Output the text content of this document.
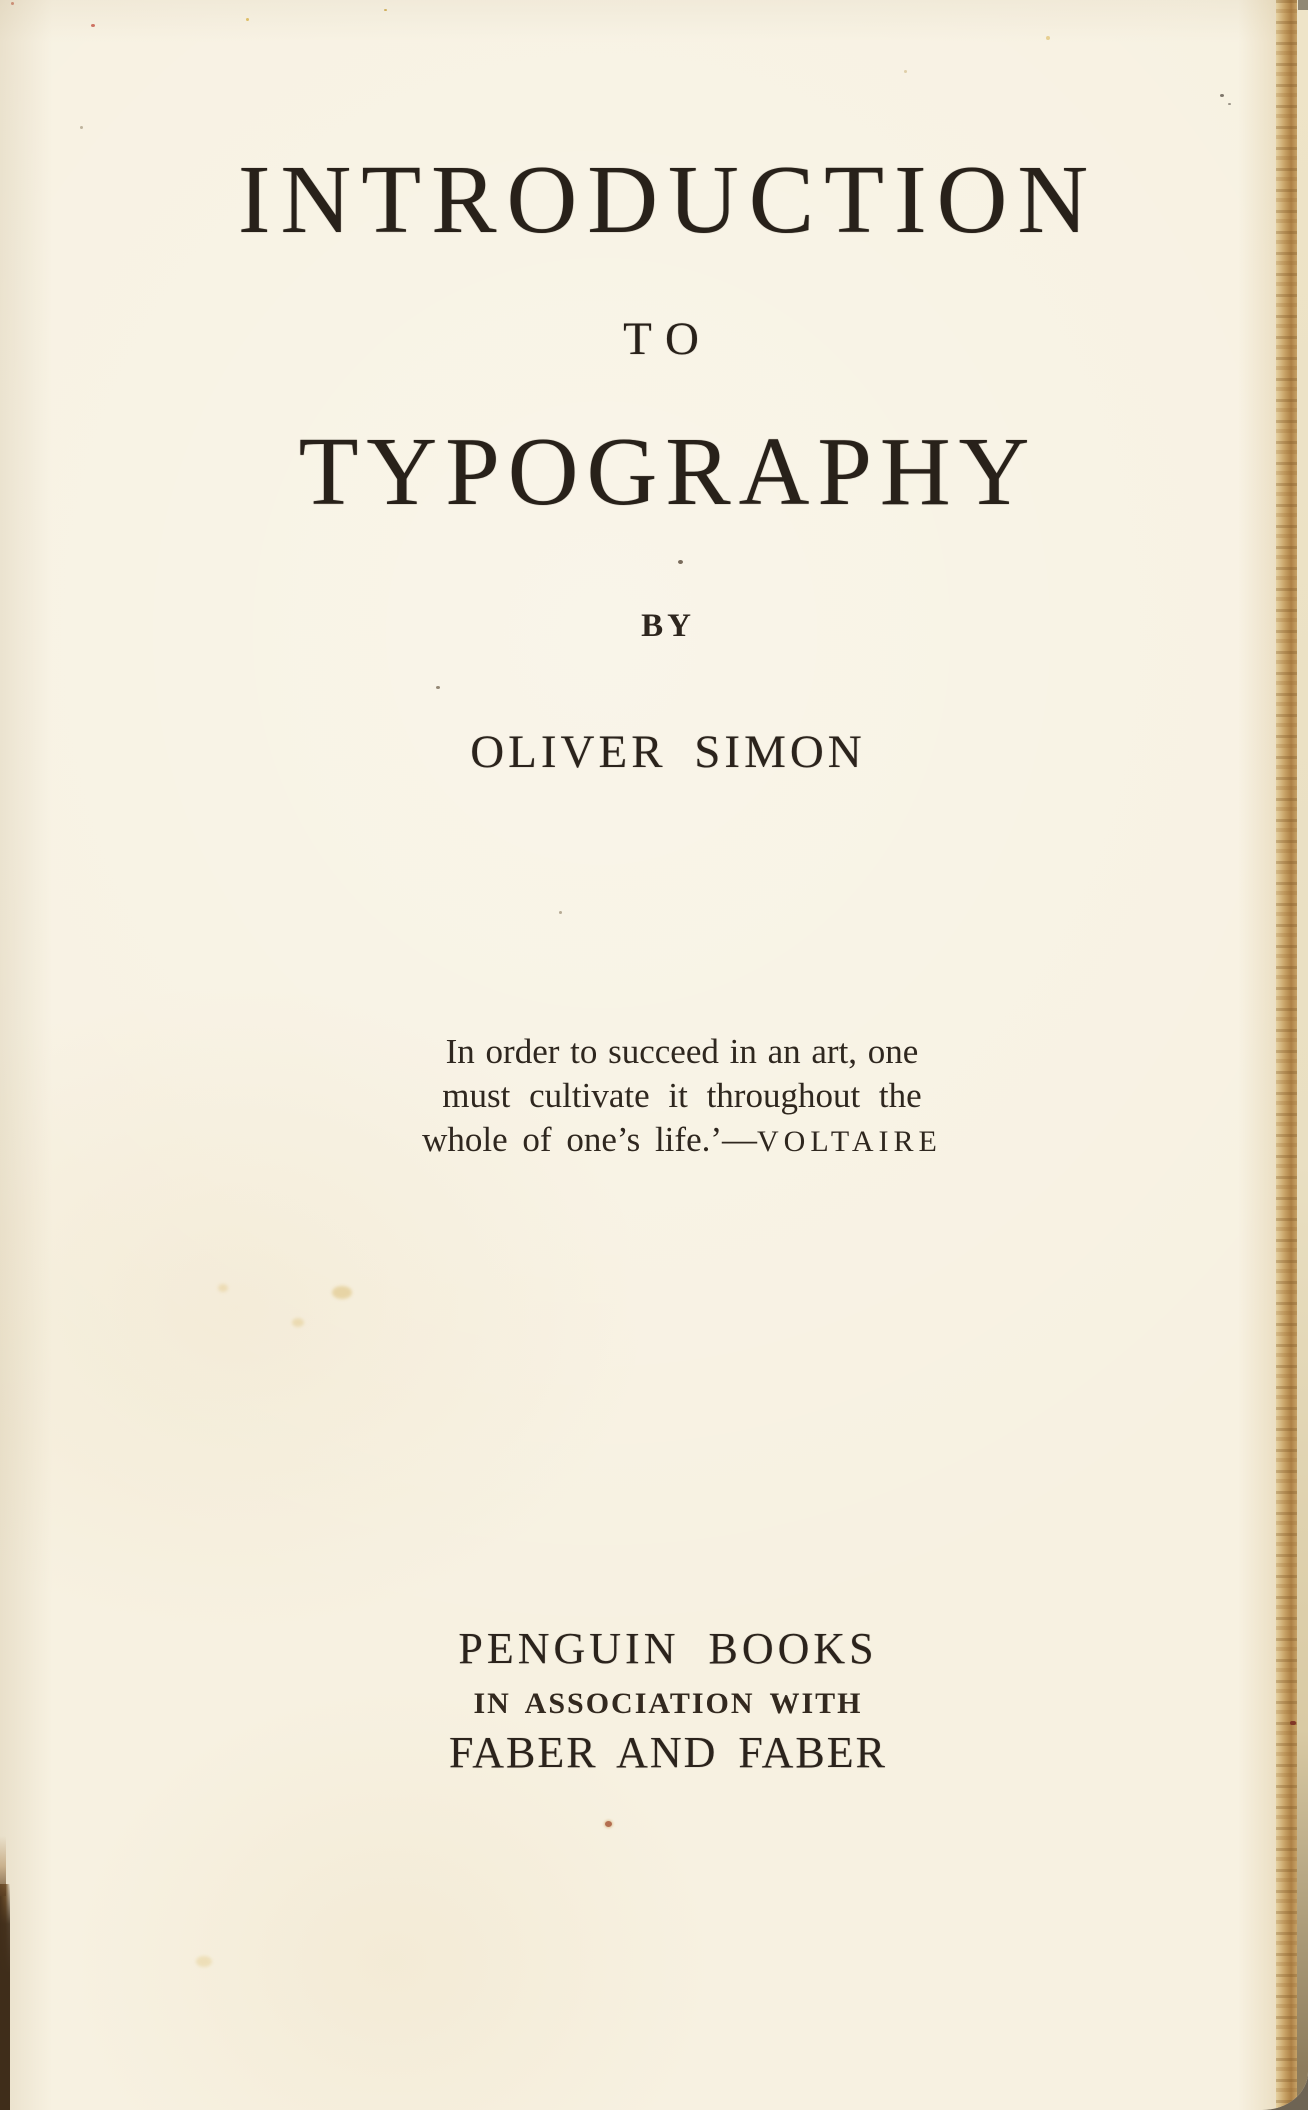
INTRODUCTION
TO
TYPOGRAPHY
BY
OLIVER SIMON
In order to succeed in an art, one
must cultivate it throughout the
whole of one’s life.’—VOLTAIRE
PENGUIN BOOKS
IN ASSOCIATION WITH
FABER AND FABER
